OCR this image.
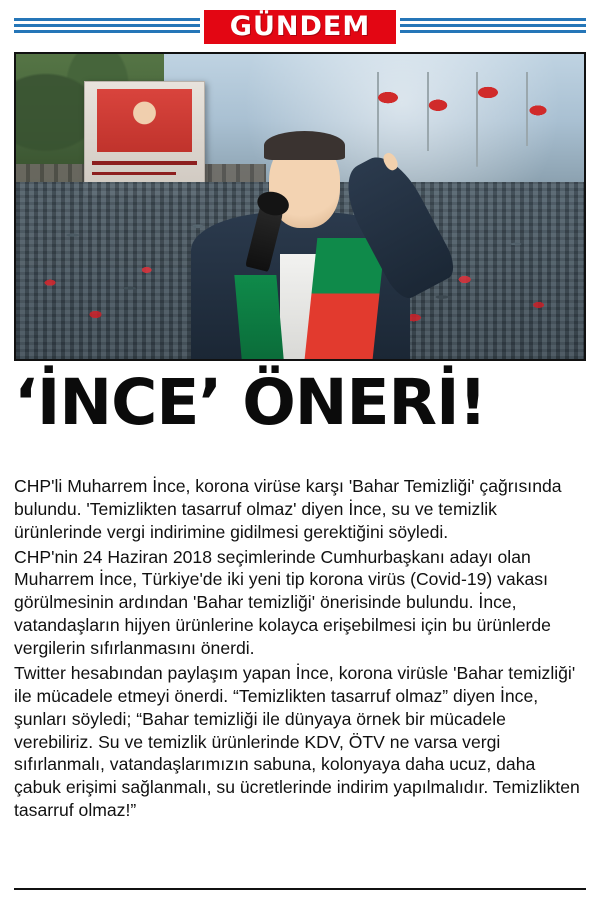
GÜNDEM
‘İNCE’ ÖNERİ!

CHP'li Muharrem İnce, korona virüse karşı 'Bahar Temizliği' çağrısında bulundu. 'Temizlikten tasarruf olmaz' diyen İnce, su ve temizlik ürünlerinde vergi indirimine gidilmesi gerektiğini söyledi.

CHP'nin 24 Haziran 2018 seçimlerinde Cumhurbaşkanı adayı olan Muharrem İnce, Türkiye'de iki yeni tip korona virüs (Covid-19) vakası görülmesinin ardından 'Bahar temizliği' önerisinde bulundu. İnce, vatandaşların hijyen ürünlerine kolayca erişebilmesi için bu ürünlerde vergilerin sıfırlanmasını önerdi.

Twitter hesabından paylaşım yapan İnce, korona virüsle 'Bahar temizliği' ile mücadele etmeyi önerdi. “Temizlikten tasarruf olmaz” diyen İnce, şunları söyledi; “Bahar temizliği ile dünyaya örnek bir mücadele verebiliriz. Su ve temizlik ürünlerinde KDV, ÖTV ne varsa vergi sıfırlanmalı, vatandaşlarımızın sabuna, kolonyaya daha ucuz, daha çabuk erişimi sağlanmalı, su ücretlerinde indirim yapılmalıdır. Temizlikten tasarruf olmaz!”
